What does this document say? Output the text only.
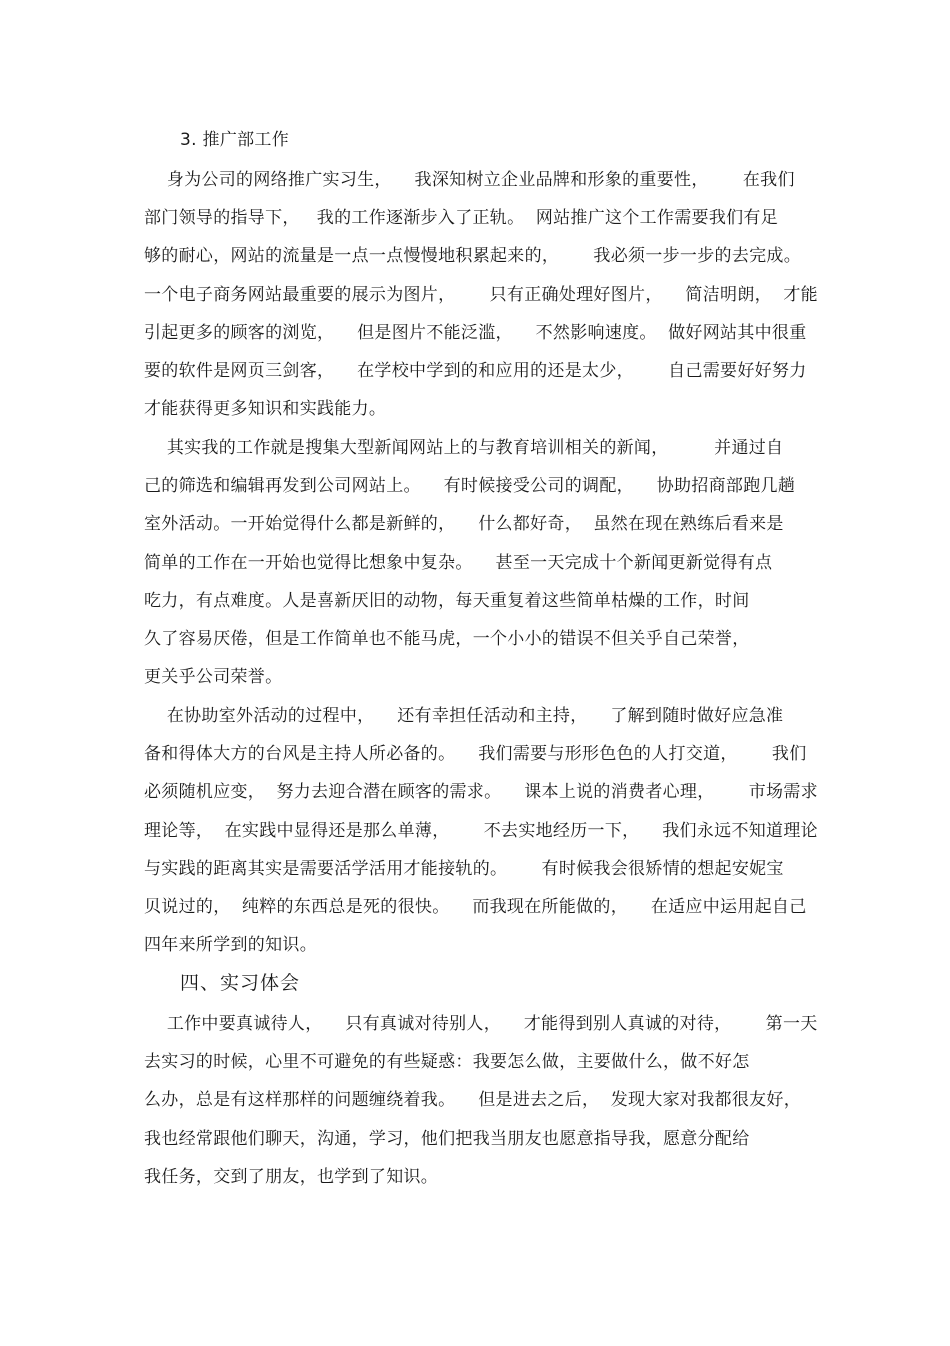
3. 推广部工作
身为公司的网络推广实习生，    我深知树立企业品牌和形象的重要性，      在我们
部门领导的指导下，   我的工作逐渐步入了正轨。  网站推广这个工作需要我们有足
够的耐心，网站的流量是一点一点慢慢地积累起来的，      我必须一步一步的去完成。
一个电子商务网站最重要的展示为图片，      只有正确处理好图片，    简洁明朗，  才能
引起更多的顾客的浏览，    但是图片不能泛滥，    不然影响速度。  做好网站其中很重
要的软件是网页三剑客，    在学校中学到的和应用的还是太少，      自己需要好好努力
才能获得更多知识和实践能力。
其实我的工作就是搜集大型新闻网站上的与教育培训相关的新闻，        并通过自
己的筛选和编辑再发到公司网站上。    有时候接受公司的调配，    协助招商部跑几趟
室外活动。一开始觉得什么都是新鲜的，    什么都好奇，  虽然在现在熟练后看来是
简单的工作在一开始也觉得比想象中复杂。    甚至一天完成十个新闻更新觉得有点
吃力，有点难度。人是喜新厌旧的动物，每天重复着这些简单枯燥的工作，时间
久了容易厌倦，但是工作简单也不能马虎，一个小小的错误不但关乎自己荣誉，
更关乎公司荣誉。
在协助室外活动的过程中，    还有幸担任活动和主持，    了解到随时做好应急准
备和得体大方的台风是主持人所必备的。    我们需要与形形色色的人打交道，      我们
必须随机应变，  努力去迎合潜在顾客的需求。    课本上说的消费者心理，      市场需求
理论等，  在实践中显得还是那么单薄，      不去实地经历一下，    我们永远不知道理论
与实践的距离其实是需要活学活用才能接轨的。      有时候我会很矫情的想起安妮宝
贝说过的，  纯粹的东西总是死的很快。    而我现在所能做的，    在适应中运用起自己
四年来所学到的知识。
四、实习体会
工作中要真诚待人，    只有真诚对待别人，    才能得到别人真诚的对待，      第一天
去实习的时候，心里不可避免的有些疑惑：我要怎么做，主要做什么，做不好怎
么办，总是有这样那样的问题缠绕着我。    但是进去之后，  发现大家对我都很友好，
我也经常跟他们聊天，沟通，学习，他们把我当朋友也愿意指导我，愿意分配给
我任务，交到了朋友，也学到了知识。
